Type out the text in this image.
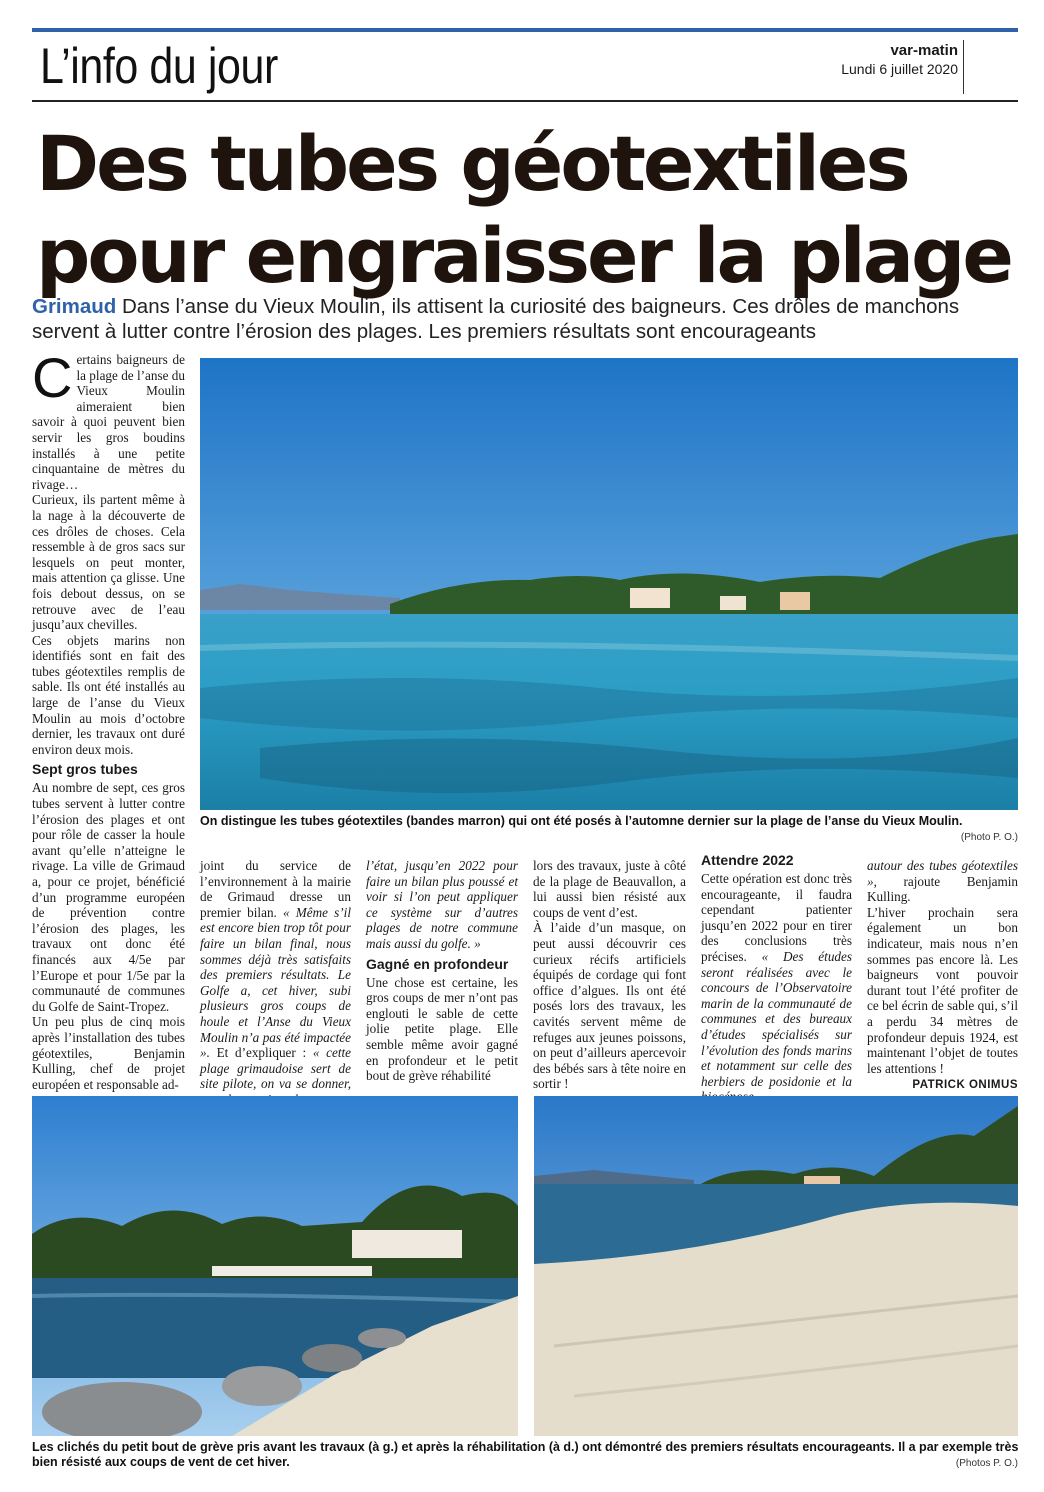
L’info du jour	var-matin
Lundi 6 juillet 2020
Des tubes géotextiles
pour engraisser la plage
Grimaud Dans l’anse du Vieux Moulin, ils attisent la curiosité des baigneurs. Ces drôles de manchons servent à lutter contre l’érosion des plages. Les premiers résultats sont encourageants

Certains baigneurs de la plage de l’anse du Vieux Moulin aimeraient bien savoir à quoi peuvent bien servir les gros boudins installés à une petite cinquantaine de mètres du rivage…

Curieux, ils partent même à la nage à la découverte de ces drôles de choses. Cela ressemble à de gros sacs sur lesquels on peut monter, mais attention ça glisse. Une fois debout dessus, on se retrouve avec de l’eau jusqu’aux chevilles.

Ces objets marins non identifiés sont en fait des tubes géotextiles remplis de sable. Ils ont été installés au large de l’anse du Vieux Moulin au mois d’octobre dernier, les travaux ont duré environ deux mois.

Sept gros tubes

Au nombre de sept, ces gros tubes servent à lutter contre l’érosion des plages et ont pour rôle de casser la houle avant qu’elle n’atteigne le rivage. La ville de Grimaud a, pour ce projet, bénéficié d’un programme européen de prévention contre l’érosion des plages, les travaux ont donc été financés aux 4/5e par l’Europe et pour 1/5e par la communauté de communes du Golfe de Saint-Tropez.

Un peu plus de cinq mois après l’installation des tubes géotextiles, Benjamin Kulling, chef de projet européen et responsable ad-

On distingue les tubes géotextiles (bandes marron) qui ont été posés à l’automne dernier sur la plage de l’anse du Vieux Moulin.
(Photo P. O.)

joint du service de l’environnement à la mairie de Grimaud dresse un premier bilan. « Même s’il est encore bien trop tôt pour faire un bilan final, nous sommes déjà très satisfaits des premiers résultats. Le Golfe a, cet hiver, subi plusieurs gros coups de houle et l’Anse du Vieux Moulin n’a pas été impactée ». Et d’expliquer : « cette plage grimaudoise sert de site pilote, on va se donner,

l’état, jusqu’en 2022 pour faire un bilan plus poussé et voir si l’on peut appliquer ce système sur d’autres plages de notre commune mais aussi du golfe. »

Gagné en profondeur

Une chose est certaine, les gros coups de mer n’ont pas englouti le sable de cette jolie petite plage. Elle semble même avoir gagné en profondeur et le petit bout de grève réhabilité

lors des travaux, juste à côté de la plage de Beauvallon, a lui aussi bien résisté aux coups de vent d’est.

À l’aide d’un masque, on peut aussi découvrir ces curieux récifs artificiels équipés de cordage qui font office d’algues. Ils ont été posés lors des travaux, les cavités servent même de refuges aux jeunes poissons, on peut d’ailleurs apercevoir des bébés sars à tête noire en sortir !

Attendre 2022

Cette opération est donc très encourageante, il faudra cependant patienter jusqu’en 2022 pour en tirer des conclusions très précises. « Des études seront réalisées avec le concours de l’Observatoire marin de la communauté de communes et des bureaux d’études spécialisés sur l’évolution des fonds marins et notamment sur celle des herbiers de posidonie et la

autour des tubes géotextiles », rajoute Benjamin Kulling.

L’hiver prochain sera également un bon indicateur, mais nous n’en sommes pas encore là. Les baigneurs vont pouvoir durant tout l’été profiter de ce bel écrin de sable qui, s’il a perdu 34 mètres de profondeur depuis 1924, est maintenant l’objet de toutes les attentions !

PATRICK ONIMUS
Les clichés du petit bout de grève pris avant les travaux (à g.) et après la réhabilitation (à d.) ont démontré des premiers résultats encourageants. Il a par exemple très bien résisté aux coups de vent de cet hiver.	(Photos P. O.)
